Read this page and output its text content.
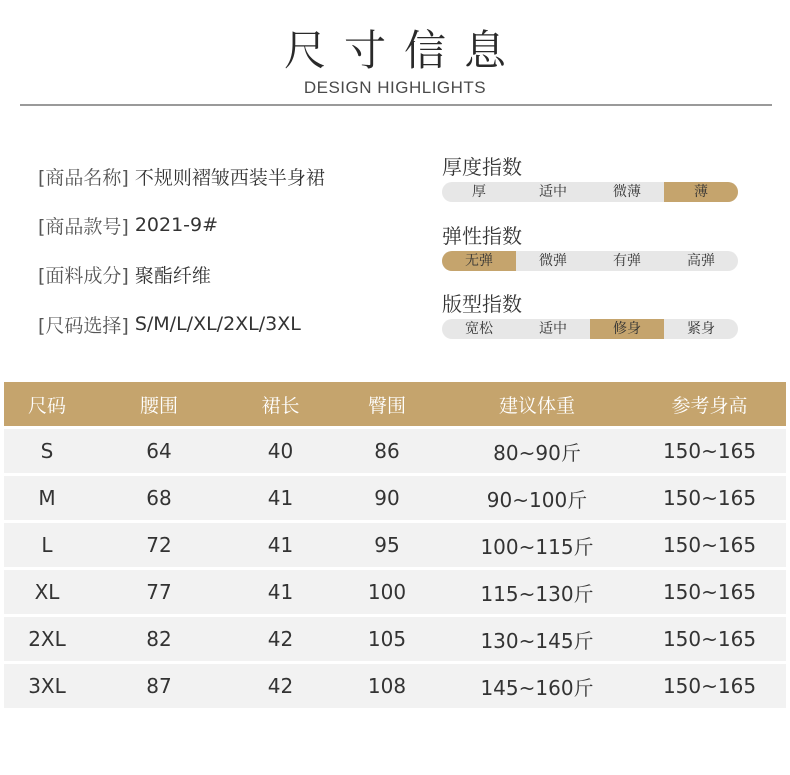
尺寸信息
DESIGN HIGHLIGHTS
[商品名称] 不规则褶皱西装半身裙
[商品款号] 2021-9#
[面料成分] 聚酯纤维
[尺码选择] S/M/L/XL/2XL/3XL
厚度指数
厚	适中	微薄	薄
弹性指数
无弹	微弹	有弹	高弹
版型指数
宽松	适中	修身	紧身
尺码	腰围	裙长	臀围	建议体重	参考身高
S	64	40	86	80~90斤	150~165
M	68	41	90	90~100斤	150~165
L	72	41	95	100~115斤	150~165
XL	77	41	100	115~130斤	150~165
2XL	82	42	105	130~145斤	150~165
3XL	87	42	108	145~160斤	150~165
